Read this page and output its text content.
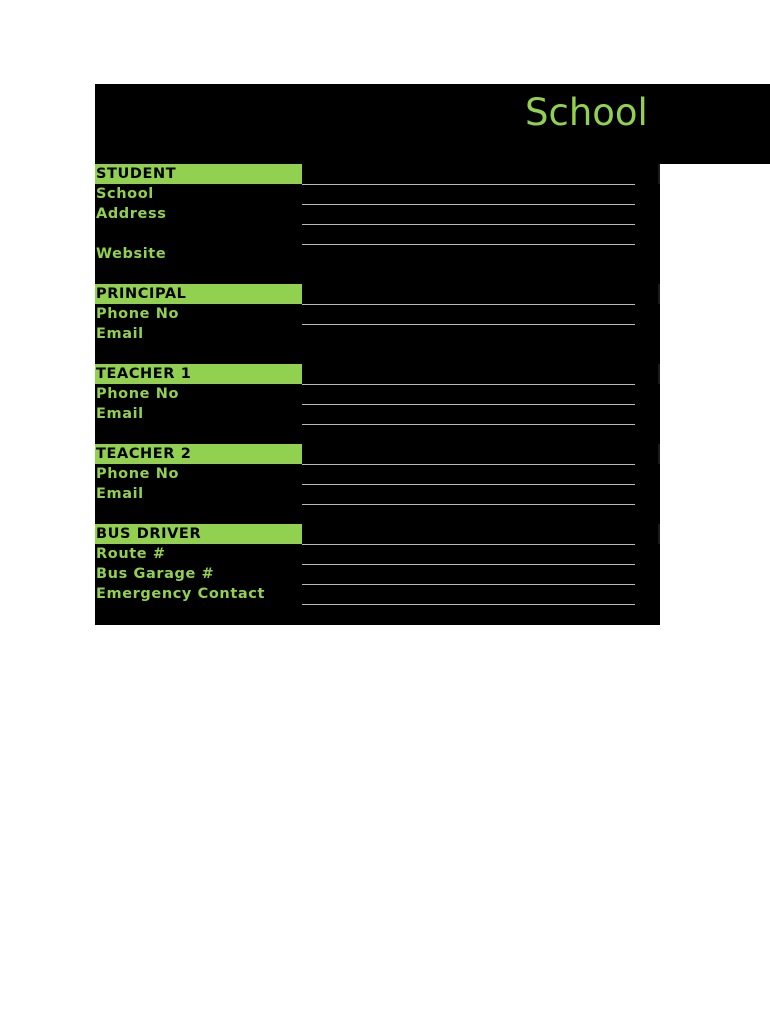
School
STUDENT
School
Address
Website
PRINCIPAL
Phone No
Email
TEACHER 1
Phone No
Email
TEACHER 2
Phone No
Email
BUS DRIVER
Route #
Bus Garage #
Emergency Contact
